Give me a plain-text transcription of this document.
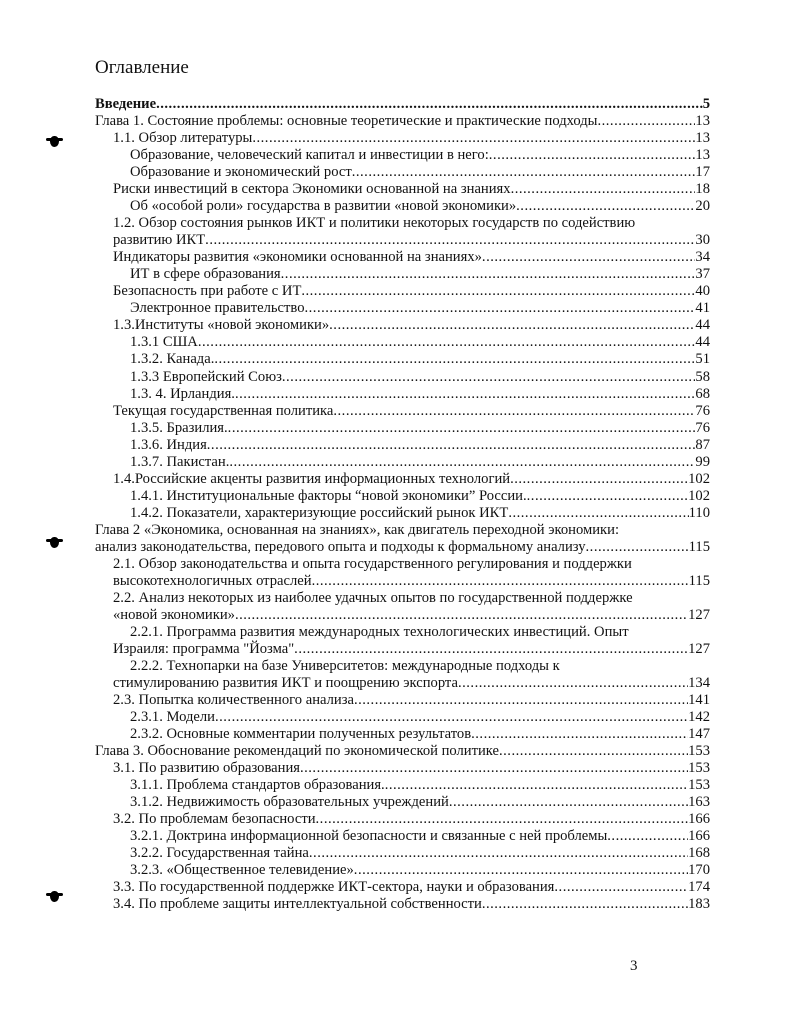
Оглавление
Введение .....	5
Глава 1. Состояние проблемы: основные теоретические и практические подходы .....	13
1.1. Обзор литературы .....	13
Образование, человеческий капитал и инвестиции в него: .....	13
Образование и экономический рост .....	17
Риски инвестиций в сектора Экономики основанной на знаниях .....	18
Об «особой роли» государства в развитии «новой экономики» .....	20
1.2. Обзор состояния рынков ИКТ и политики некоторых государств по содействию
развитию ИКТ .....	30
Индикаторы развития «экономики основанной на знаниях» .....	34
ИТ в сфере образования .....	37
Безопасность при работе с ИТ .....	40
Электронное правительство .....	41
1.3.Институты «новой экономики» .....	44
1.3.1 США .....	44
1.3.2. Канада. .....	51
1.3.3 Европейский Союз .....	58
1.3. 4. Ирландия. .....	68
Текущая государственная политика .....	76
1.3.5. Бразилия. .....	76
1.3.6. Индия .....	87
1.3.7. Пакистан. .....	99
1.4.Российские акценты развития информационных технологий .....	102
1.4.1. Институциональные факторы “новой экономики” России. .....	102
1.4.2. Показатели, характеризующие российский рынок ИКТ .....	110
Глава 2 «Экономика, основанная на знаниях», как двигатель переходной экономики:
анализ законодательства, передового опыта и подходы к формальному анализу .....	115
2.1. Обзор законодательства и опыта государственного регулирования и поддержки
высокотехнологичных отраслей .....	115
2.2. Анализ некоторых из наиболее удачных опытов по государственной поддержке
«новой экономики» .....	127
2.2.1. Программа развития международных технологических инвестиций. Опыт
Израиля: программа "Йозма" .....	127
2.2.2. Технопарки на базе Университетов: международные подходы к
стимулированию развития ИКТ и поощрению экспорта .....	134
2.3. Попытка количественного анализа .....	141
2.3.1. Модели .....	142
2.3.2. Основные комментарии полученных результатов .....	147
Глава 3. Обоснование рекомендаций по экономической политике .....	153
3.1. По развитию образования .....	153
3.1.1. Проблема стандартов образования. .....	153
3.1.2. Недвижимость образовательных учреждений .....	163
3.2. По проблемам безопасности .....	166
3.2.1. Доктрина информационной безопасности и связанные с ней проблемы .....	166
3.2.2. Государственная тайна .....	168
3.2.3. «Общественное телевидение» .....	170
3.3. По государственной поддержке ИКТ-сектора, науки и образования .....	174
3.4. По проблеме защиты интеллектуальной собственности .....	183
3
